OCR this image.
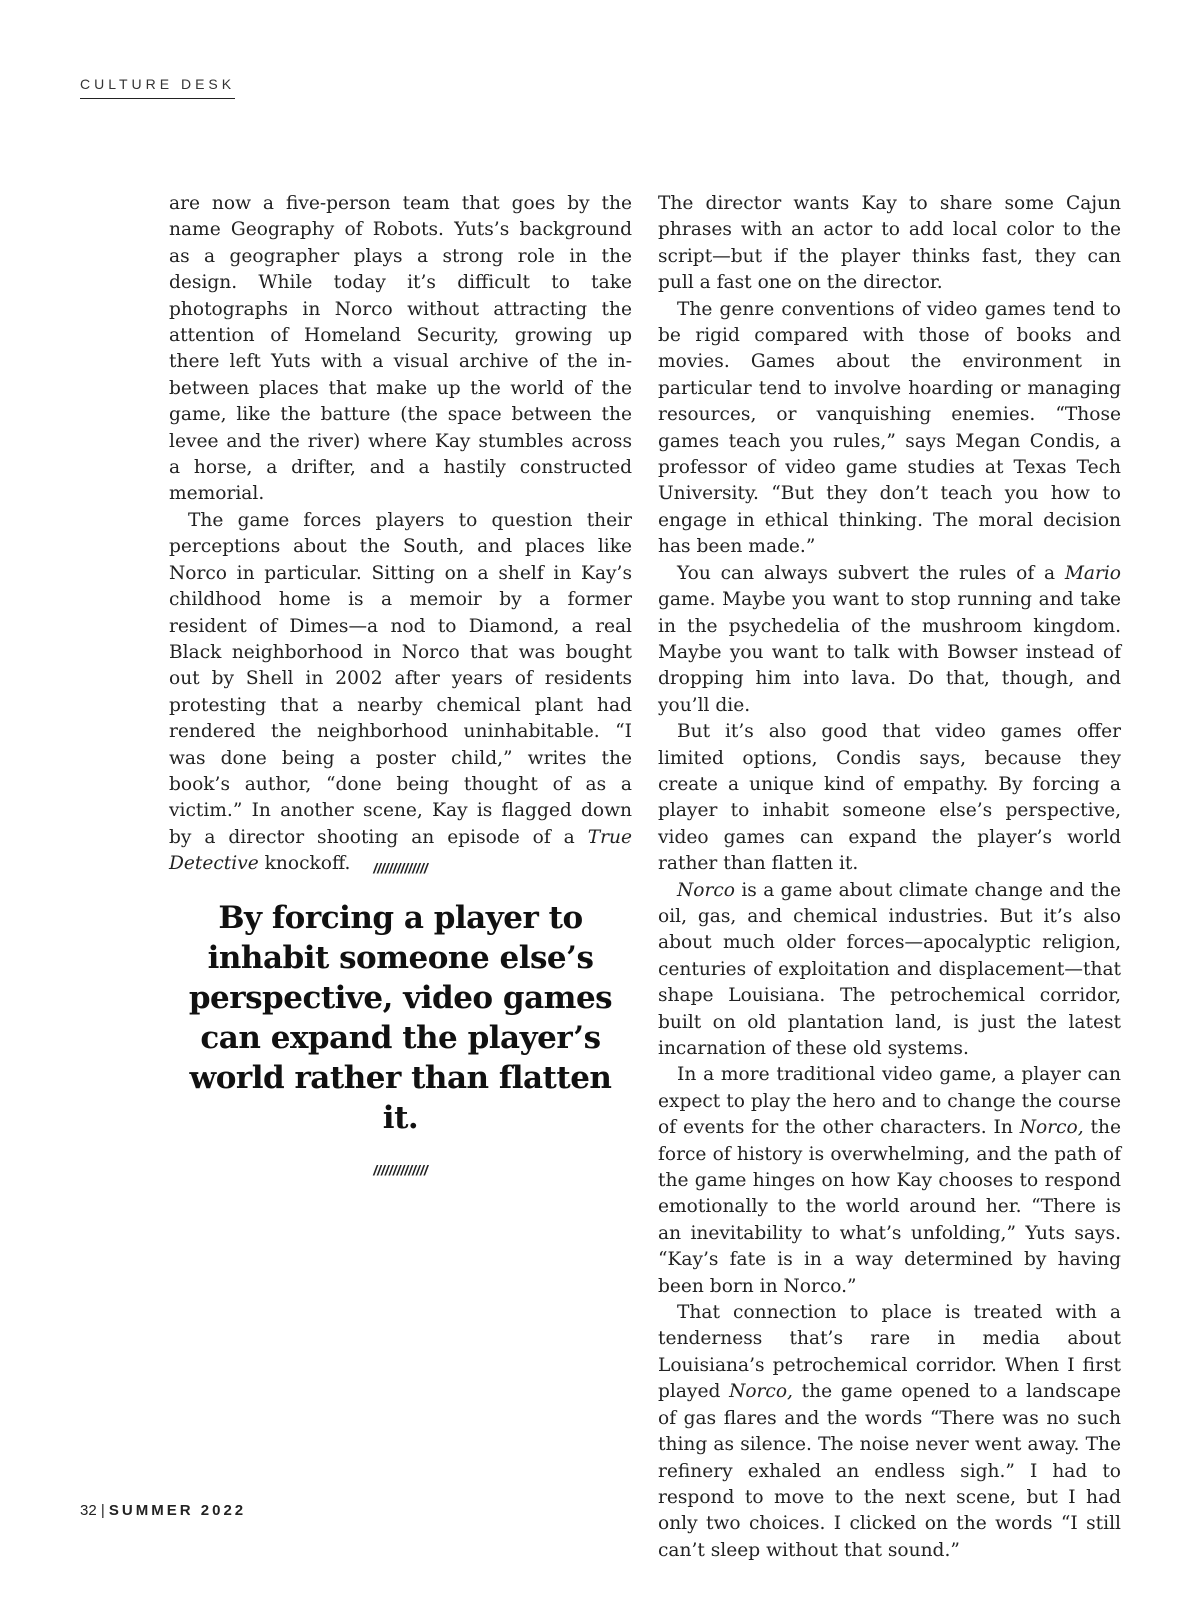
CULTURE DESK

are now a five-person team that goes by the name Geography of Robots. Yuts’s background as a geographer plays a strong role in the design. While today it’s difficult to take photographs in Norco without attracting the attention of Homeland Security, growing up there left Yuts with a visual archive of the in-between places that make up the world of the game, like the batture (the space between the levee and the river) where Kay stumbles across a horse, a drifter, and a hastily constructed memorial.

The game forces players to question their perceptions about the South, and places like Norco in particular. Sitting on a shelf in Kay’s childhood home is a memoir by a former resident of Dimes—a nod to Diamond, a real Black neighborhood in Norco that was bought out by Shell in 2002 after years of residents protesting that a nearby chemical plant had rendered the neighborhood uninhabitable. “I was done being a poster child,” writes the book’s author, “done being thought of as a victim.” In another scene, Kay is flagged down by a director shooting an episode of a True Detective knockoff.	//////////////
By forcing a player to inhabit someone else’s perspective, video games can expand the player’s world rather than flatten it.
//////////////

The director wants Kay to share some Cajun phrases with an actor to add local color to the script—but if the player thinks fast, they can pull a fast one on the director.

The genre conventions of video games tend to be rigid compared with those of books and movies. Games about the environment in particular tend to involve hoarding or managing resources, or vanquishing enemies. “Those games teach you rules,” says Megan Condis, a professor of video game studies at Texas Tech University. “But they don’t teach you how to engage in ethical thinking. The moral decision has been made.”

You can always subvert the rules of a Mario game. Maybe you want to stop running and take in the psychedelia of the mushroom kingdom. Maybe you want to talk with Bowser instead of dropping him into lava. Do that, though, and you’ll die.

But it’s also good that video games offer limited options, Condis says, because they create a unique kind of empathy. By forcing a player to inhabit someone else’s perspective, video games can expand the player’s world rather than flatten it.

Norco is a game about climate change and the oil, gas, and chemical industries. But it’s also about much older forces—apocalyptic religion, centuries of exploitation and displacement—that shape Louisiana. The petrochemical corridor, built on old plantation land, is just the latest incarnation of these old systems.

In a more traditional video game, a player can expect to play the hero and to change the course of events for the other characters. In Norco, the force of history is overwhelming, and the path of the game hinges on how Kay chooses to respond emotionally to the world around her. “There is an inevitability to what’s unfolding,” Yuts says. “Kay’s fate is in a way determined by having been born in Norco.”

That connection to place is treated with a tenderness that’s rare in media about Louisiana’s petrochemical corridor. When I first played Norco, the game opened to a landscape of gas flares and the words “There was no such thing as silence. The noise never went away. The refinery exhaled an endless sigh.” I had to respond to move to the next scene, but I had only two choices. I clicked on the words “I still can’t sleep without that sound.”

32 | SUMMER 2022
